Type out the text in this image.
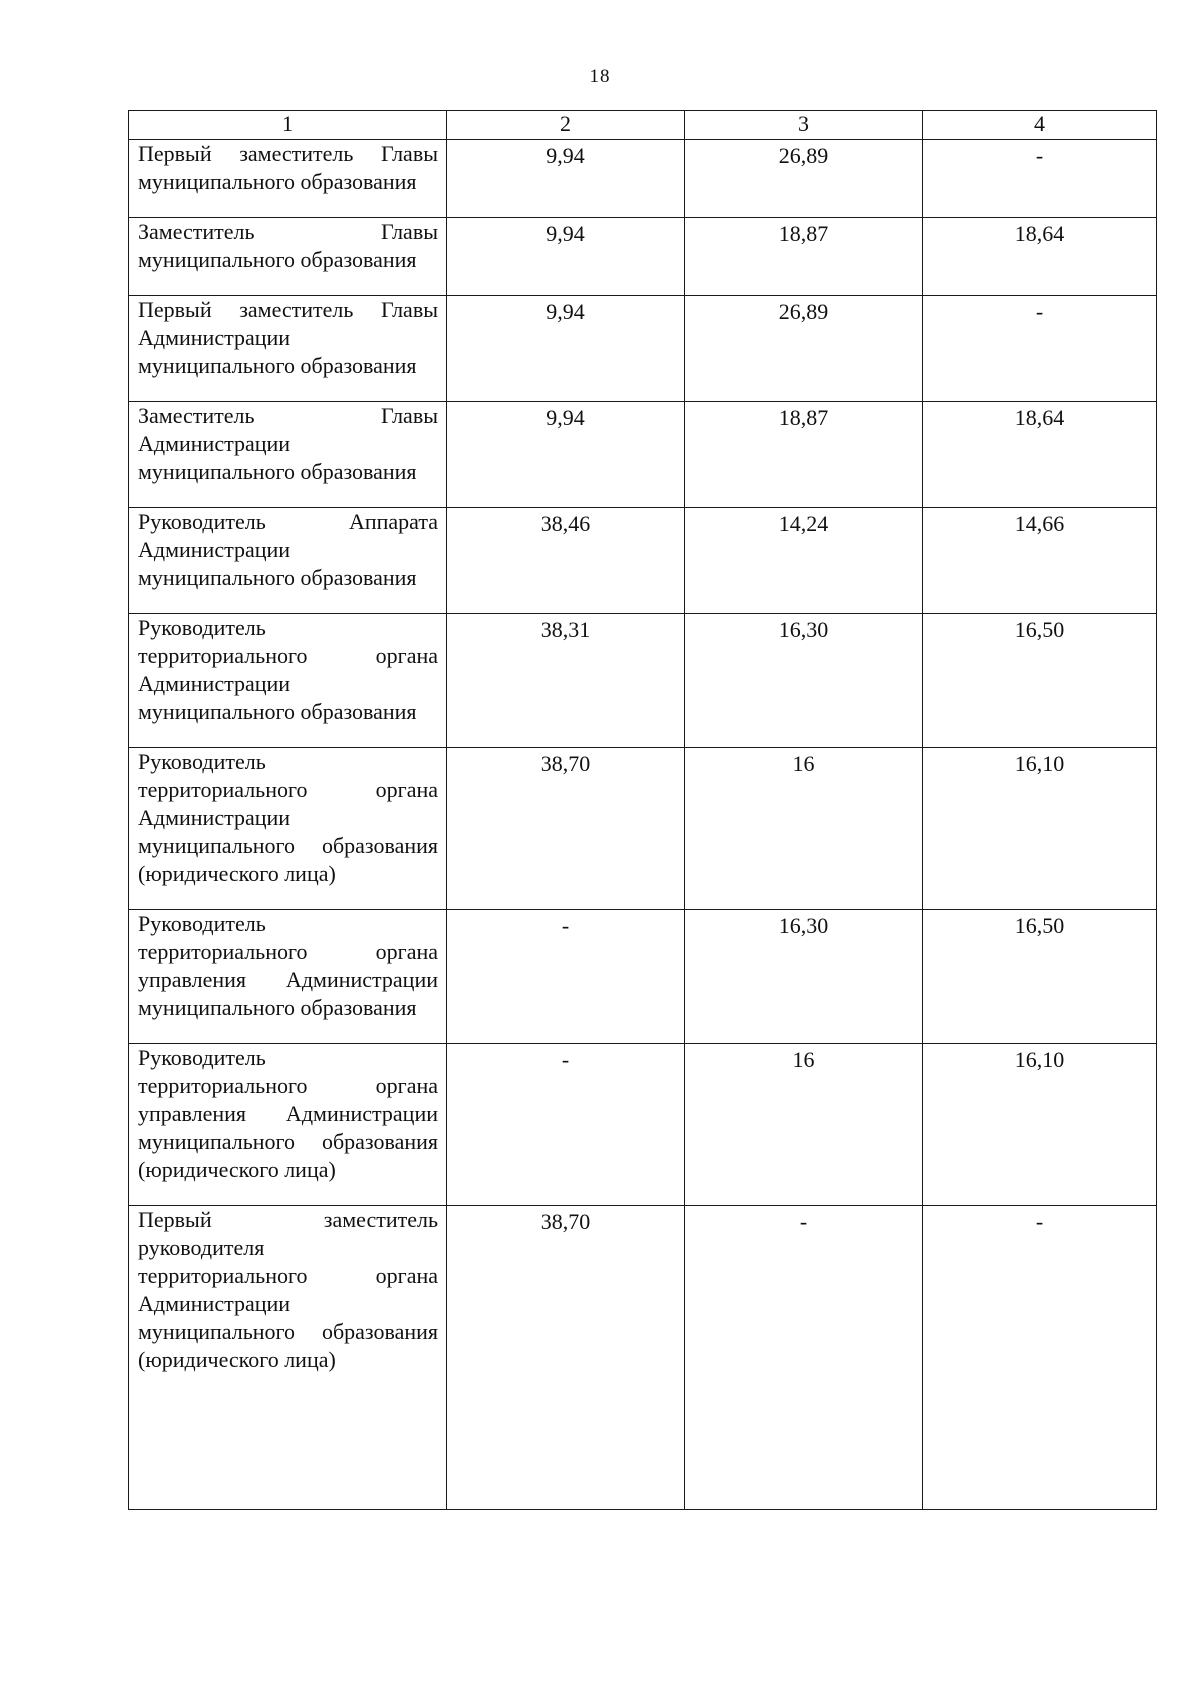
18
1	2	3	4
Первый заместитель Главы муниципального образования	9,94	26,89	-
Заместитель Главы муниципального образования	9,94	18,87	18,64
Первый заместитель Главы Администрации муниципального образования	9,94	26,89	-
Заместитель Главы Администрации муниципального образования	9,94	18,87	18,64
Руководитель Аппарата Администрации муниципального образования	38,46	14,24	14,66
Руководитель территориального органа Администрации муниципального образования	38,31	16,30	16,50
Руководитель территориального органа Администрации муниципального образования (юридического лица)	38,70	16	16,10
Руководитель территориального органа управления Администрации муниципального образования	-	16,30	16,50
Руководитель территориального органа управления Администрации муниципального образования (юридического лица)	-	16	16,10
Первый заместитель руководителя территориального органа Администрации муниципального образования (юридического лица)	38,70	-	-
